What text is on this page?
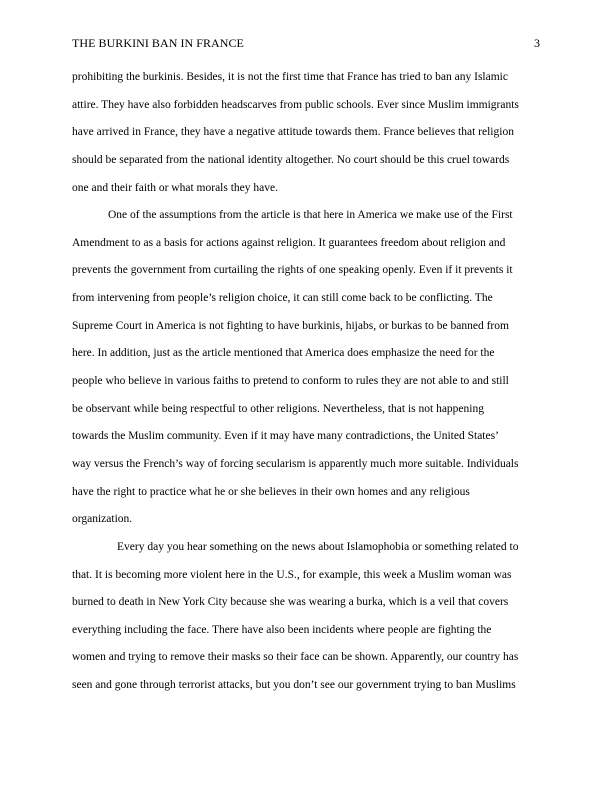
THE BURKINI BAN IN FRANCE	3
prohibiting the burkinis. Besides, it is not the first time that France has tried to ban any Islamic
attire. They have also forbidden headscarves from public schools. Ever since Muslim immigrants
have arrived in France, they have a negative attitude towards them. France believes that religion
should be separated from the national identity altogether. No court should be this cruel towards
one and their faith or what morals they have.
One of the assumptions from the article is that here in America we make use of the First
Amendment to as a basis for actions against religion. It guarantees freedom about religion and
prevents the government from curtailing the rights of one speaking openly. Even if it prevents it
from intervening from people’s religion choice, it can still come back to be conflicting. The
Supreme Court in America is not fighting to have burkinis, hijabs, or burkas to be banned from
here. In addition, just as the article mentioned that America does emphasize the need for the
people who believe in various faiths to pretend to conform to rules they are not able to and still
be observant while being respectful to other religions. Nevertheless, that is not happening
towards the Muslim community. Even if it may have many contradictions, the United States’
way versus the French’s way of forcing secularism is apparently much more suitable. Individuals
have the right to practice what he or she believes in their own homes and any religious
organization.
Every day you hear something on the news about Islamophobia or something related to
that. It is becoming more violent here in the U.S., for example, this week a Muslim woman was
burned to death in New York City because she was wearing a burka, which is a veil that covers
everything including the face. There have also been incidents where people are fighting the
women and trying to remove their masks so their face can be shown. Apparently, our country has
seen and gone through terrorist attacks, but you don’t see our government trying to ban Muslims
